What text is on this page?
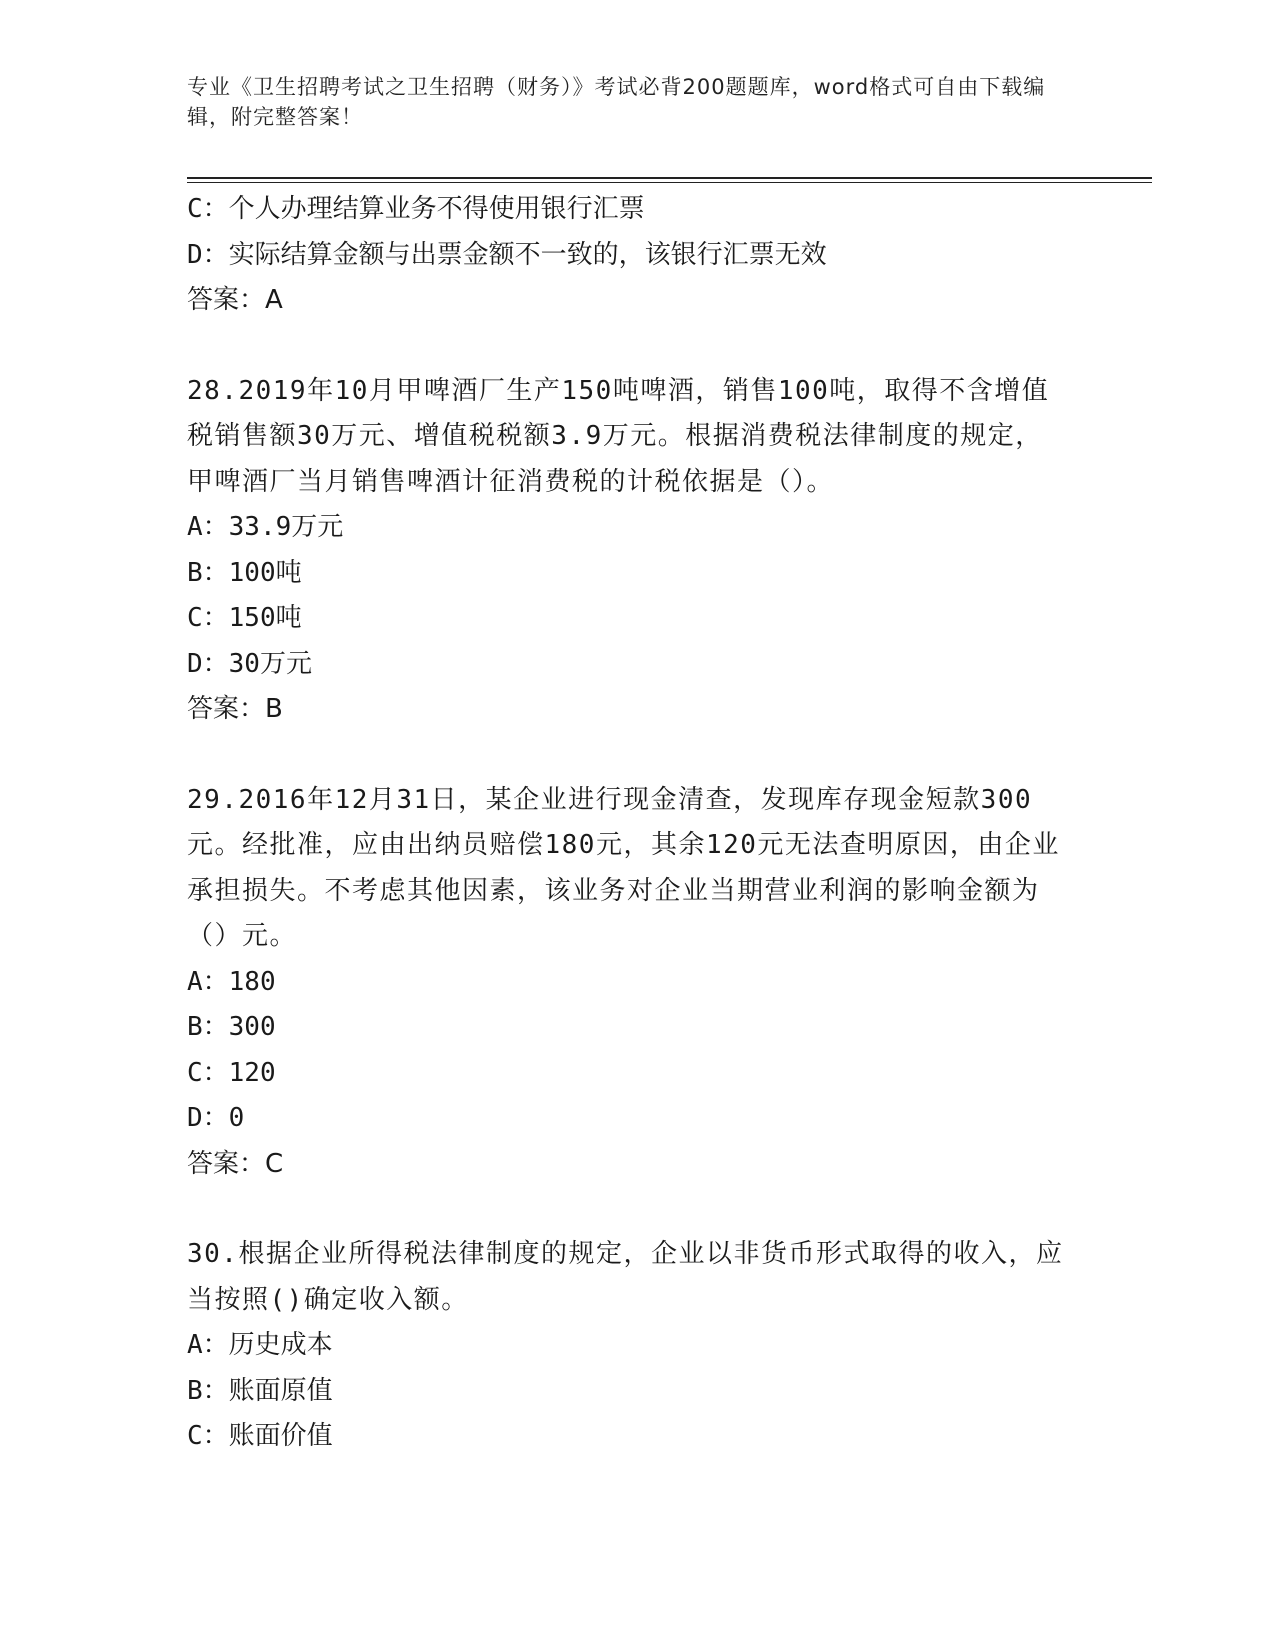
专业《卫生招聘考试之卫生招聘（财务）》考试必背200题题库，word格式可自由下载编辑，附完整答案！
C：个人办理结算业务不得使用银行汇票
D：实际结算金额与出票金额不一致的，该银行汇票无效
答案：A
28.2019年10月甲啤酒厂生产150吨啤酒，销售100吨，取得不含增值税销售额30万元、增值税税额3.9万元。根据消费税法律制度的规定，甲啤酒厂当月销售啤酒计征消费税的计税依据是（）。
A：33.9万元
B：100吨
C：150吨
D：30万元
答案：B
29.2016年12月31日，某企业进行现金清查，发现库存现金短款300元。经批准，应由出纳员赔偿180元，其余120元无法查明原因，由企业承担损失。不考虑其他因素，该业务对企业当期营业利润的影响金额为（）元。
A：180
B：300
C：120
D：0
答案：C
30.根据企业所得税法律制度的规定，企业以非货币形式取得的收入，应当按照()确定收入额。
A：历史成本
B：账面原值
C：账面价值
